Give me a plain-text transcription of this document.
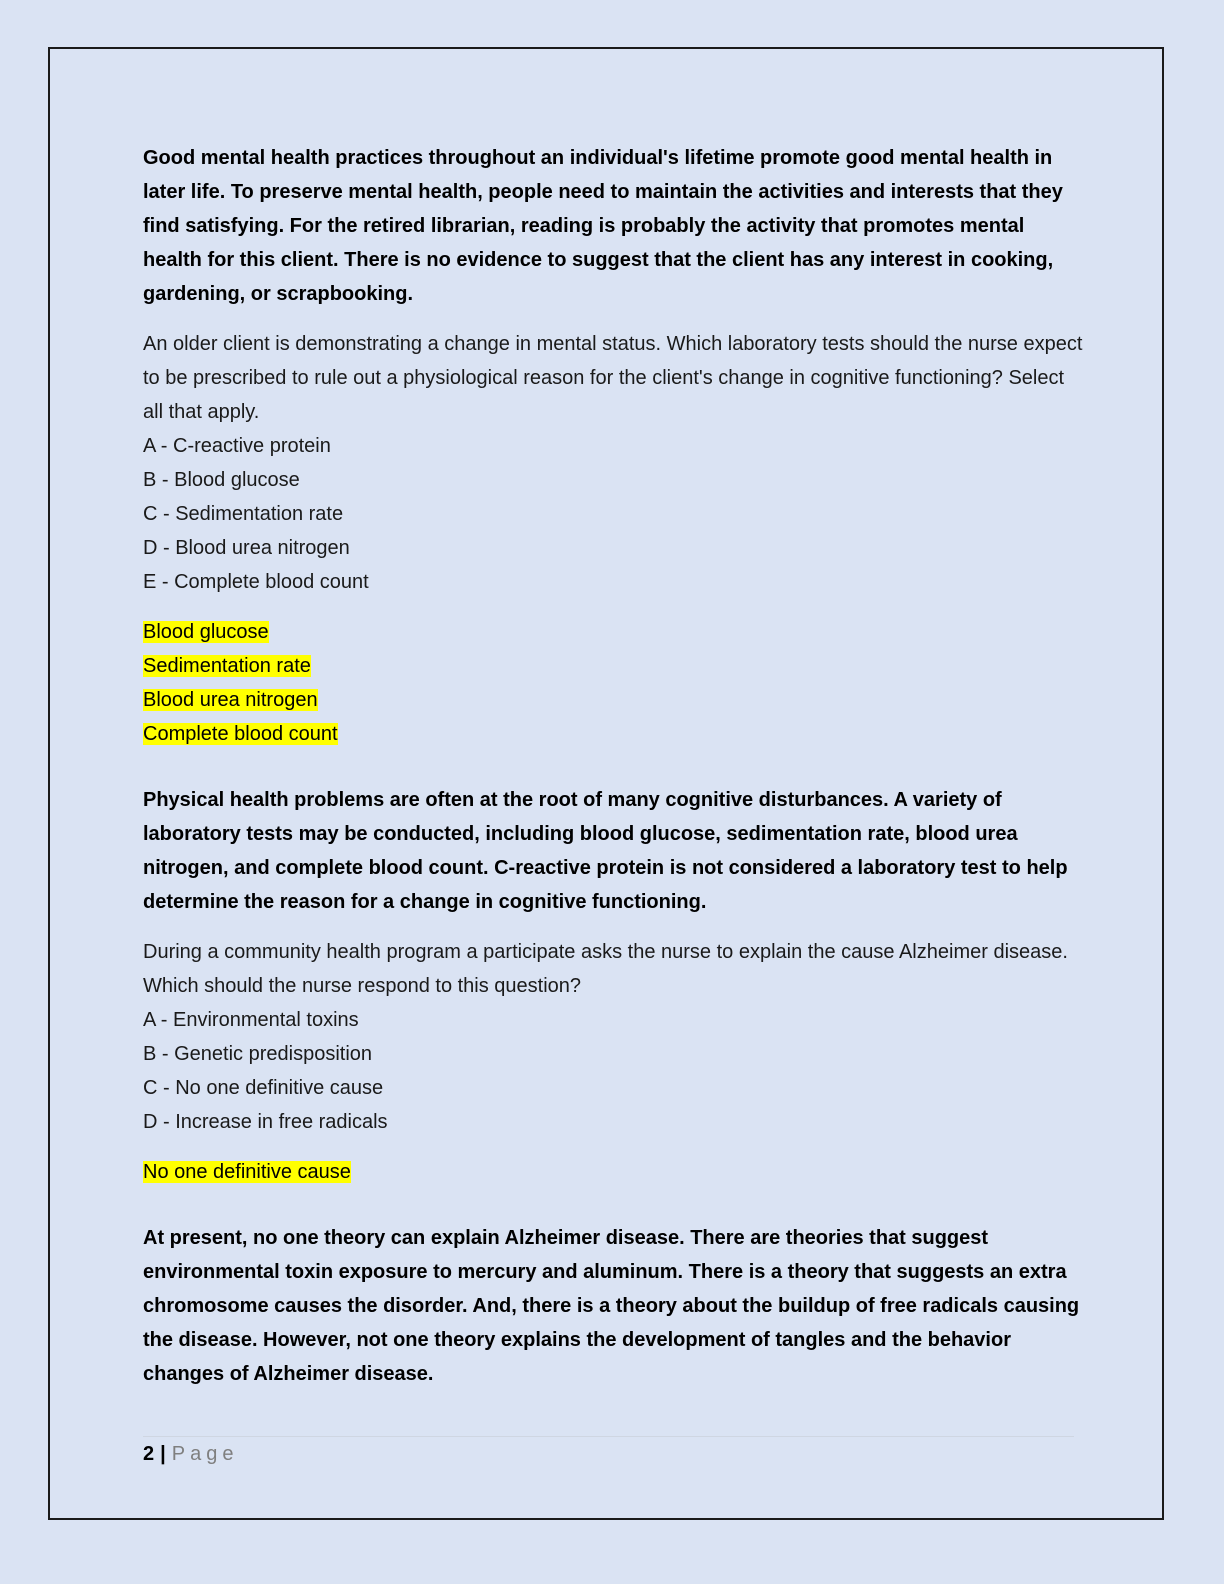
Good mental health practices throughout an individual's lifetime promote good mental health in later life. To preserve mental health, people need to maintain the activities and interests that they find satisfying. For the retired librarian, reading is probably the activity that promotes mental health for this client. There is no evidence to suggest that the client has any interest in cooking, gardening, or scrapbooking.

An older client is demonstrating a change in mental status. Which laboratory tests should the nurse expect to be prescribed to rule out a physiological reason for the client's change in cognitive functioning? Select all that apply.

A - C-reactive protein
B - Blood glucose
C - Sedimentation rate
D - Blood urea nitrogen
E - Complete blood count
Blood glucose
Sedimentation rate
Blood urea nitrogen
Complete blood count

Physical health problems are often at the root of many cognitive disturbances. A variety of laboratory tests may be conducted, including blood glucose, sedimentation rate, blood urea nitrogen, and complete blood count. C-reactive protein is not considered a laboratory test to help determine the reason for a change in cognitive functioning.

During a community health program a participate asks the nurse to explain the cause Alzheimer disease. Which should the nurse respond to this question?

A - Environmental toxins
B - Genetic predisposition
C - No one definitive cause
D - Increase in free radicals
No one definitive cause

At present, no one theory can explain Alzheimer disease. There are theories that suggest environmental toxin exposure to mercury and aluminum. There is a theory that suggests an extra chromosome causes the disorder. And, there is a theory about the buildup of free radicals causing the disease. However, not one theory explains the development of tangles and the behavior changes of Alzheimer disease.

2 | Page
